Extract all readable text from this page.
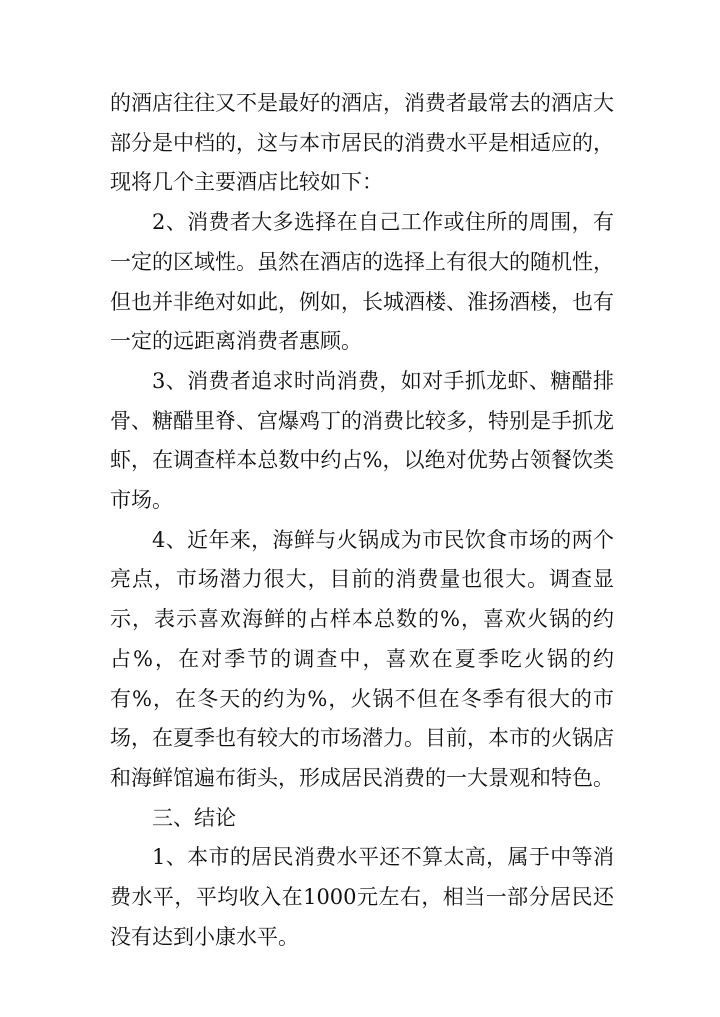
的酒店往往又不是最好的酒店，消费者最常去的酒店大部分是中档的，这与本市居民的消费水平是相适应的，现将几个主要酒店比较如下：

2、消费者大多选择在自己工作或住所的周围，有一定的区域性。虽然在酒店的选择上有很大的随机性，但也并非绝对如此，例如，长城酒楼、淮扬酒楼，也有一定的远距离消费者惠顾。

3、消费者追求时尚消费，如对手抓龙虾、糖醋排骨、糖醋里脊、宫爆鸡丁的消费比较多，特别是手抓龙虾，在调查样本总数中约占%，以绝对优势占领餐饮类市场。

4、近年来，海鲜与火锅成为市民饮食市场的两个亮点，市场潜力很大，目前的消费量也很大。调查显示，表示喜欢海鲜的占样本总数的%，喜欢火锅的约占%，在对季节的调查中，喜欢在夏季吃火锅的约有%，在冬天的约为%，火锅不但在冬季有很大的市场，在夏季也有较大的市场潜力。目前，本市的火锅店和海鲜馆遍布街头，形成居民消费的一大景观和特色。

三、结论

1、本市的居民消费水平还不算太高，属于中等消费水平，平均收入在1000元左右，相当一部分居民还没有达到小康水平。
